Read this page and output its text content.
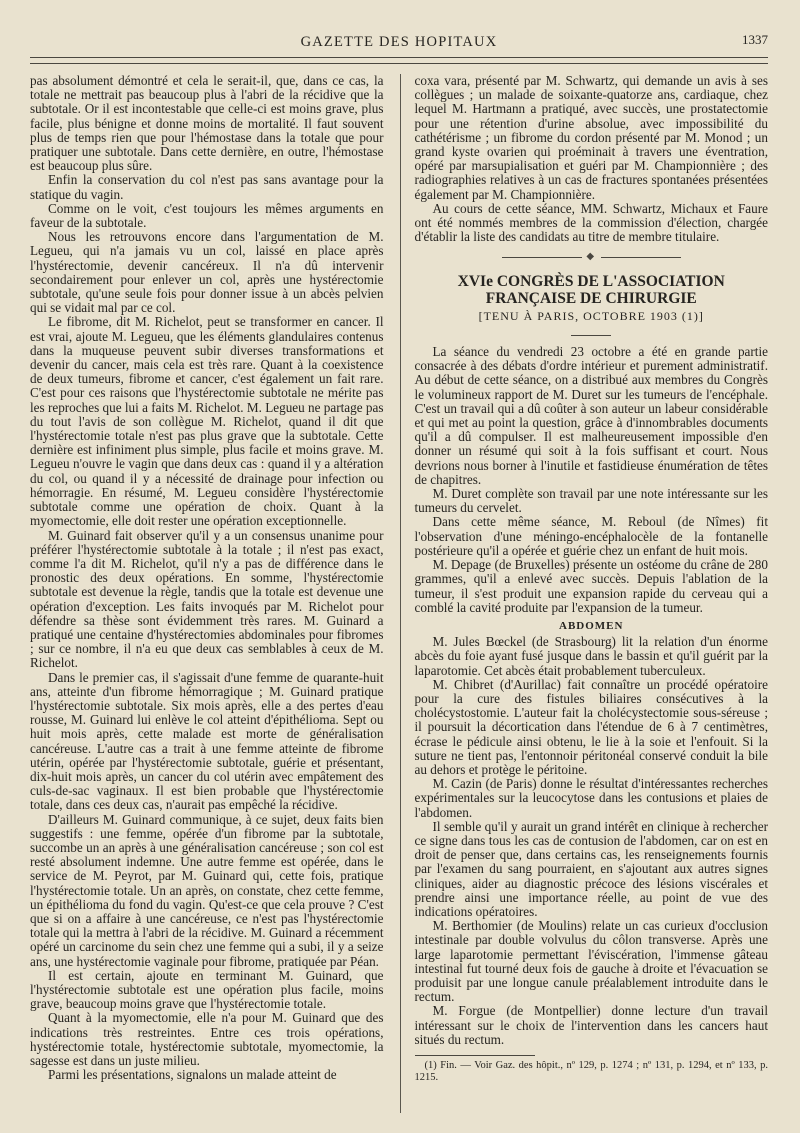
GAZETTE DES HOPITAUX	1337

pas absolument démontré et cela le serait-il, que, dans ce cas, la totale ne mettrait pas beaucoup plus à l'abri de la récidive que la subtotale. Or il est incontestable que celle-ci est moins grave, plus facile, plus bénigne et donne moins de mortalité. Il faut souvent plus de temps rien que pour l'hémostase dans la totale que pour pratiquer une subtotale. Dans cette dernière, en outre, l'hémostase est beaucoup plus sûre.

Enfin la conservation du col n'est pas sans avantage pour la statique du vagin.

Comme on le voit, c'est toujours les mêmes arguments en faveur de la subtotale.

Nous les retrouvons encore dans l'argumentation de M. Legueu, qui n'a jamais vu un col, laissé en place après l'hystérectomie, devenir cancéreux. Il n'a dû intervenir secondairement pour enlever un col, après une hystérectomie subtotale, qu'une seule fois pour donner issue à un abcès pelvien qui se vidait mal par ce col.

Le fibrome, dit M. Richelot, peut se transformer en cancer. Il est vrai, ajoute M. Legueu, que les éléments glandulaires contenus dans la muqueuse peuvent subir diverses transformations et devenir du cancer, mais cela est très rare. Quant à la coexistence de deux tumeurs, fibrome et cancer, c'est également un fait rare. C'est pour ces raisons que l'hystérectomie subtotale ne mérite pas les reproches que lui a faits M. Richelot. M. Legueu ne partage pas du tout l'avis de son collègue M. Richelot, quand il dit que l'hystérectomie totale n'est pas plus grave que la subtotale. Cette dernière est infiniment plus simple, plus facile et moins grave. M. Legueu n'ouvre le vagin que dans deux cas : quand il y a altération du col, ou quand il y a nécessité de drainage pour infection ou hémorragie. En résumé, M. Legueu considère l'hystérectomie subtotale comme une opération de choix. Quant à la myomectomie, elle doit rester une opération exceptionnelle.

M. Guinard fait observer qu'il y a un consensus unanime pour préférer l'hystérectomie subtotale à la totale ; il n'est pas exact, comme l'a dit M. Richelot, qu'il n'y a pas de différence dans le pronostic des deux opérations. En somme, l'hystérectomie subtotale est devenue la règle, tandis que la totale est devenue une opération d'exception. Les faits invoqués par M. Richelot pour défendre sa thèse sont évidemment très rares. M. Guinard a pratiqué une centaine d'hystérectomies abdominales pour fibromes ; sur ce nombre, il n'a eu que deux cas semblables à ceux de M. Richelot.

Dans le premier cas, il s'agissait d'une femme de quarante-huit ans, atteinte d'un fibrome hémorragique ; M. Guinard pratique l'hystérectomie subtotale. Six mois après, elle a des pertes d'eau rousse, M. Guinard lui enlève le col atteint d'épithélioma. Sept ou huit mois après, cette malade est morte de généralisation cancéreuse. L'autre cas a trait à une femme atteinte de fibrome utérin, opérée par l'hystérectomie subtotale, guérie et présentant, dix-huit mois après, un cancer du col utérin avec empâtement des culs-de-sac vaginaux. Il est bien probable que l'hystérectomie totale, dans ces deux cas, n'aurait pas empêché la récidive.

D'ailleurs M. Guinard communique, à ce sujet, deux faits bien suggestifs : une femme, opérée d'un fibrome par la subtotale, succombe un an après à une généralisation cancéreuse ; son col est resté absolument indemne. Une autre femme est opérée, dans le service de M. Peyrot, par M. Guinard qui, cette fois, pratique l'hystérectomie totale. Un an après, on constate, chez cette femme, un épithélioma du fond du vagin. Qu'est-ce que cela prouve ? C'est que si on a affaire à une cancéreuse, ce n'est pas l'hystérectomie totale qui la mettra à l'abri de la récidive. M. Guinard a récemment opéré un carcinome du sein chez une femme qui a subi, il y a seize ans, une hystérectomie vaginale pour fibrome, pratiquée par Péan.

Il est certain, ajoute en terminant M. Guinard, que l'hystérectomie subtotale est une opération plus facile, moins grave, beaucoup moins grave que l'hystérectomie totale.

Quant à la myomectomie, elle n'a pour M. Guinard que des indications très restreintes. Entre ces trois opérations, hystérectomie totale, hystérectomie subtotale, myomectomie, la sagesse est dans un juste milieu.

Parmi les présentations, signalons un malade atteint de

coxa vara, présenté par M. Schwartz, qui demande un avis à ses collègues ; un malade de soixante-quatorze ans, cardiaque, chez lequel M. Hartmann a pratiqué, avec succès, une prostatectomie pour une rétention d'urine absolue, avec impossibilité du cathétérisme ; un fibrome du cordon présenté par M. Monod ; un grand kyste ovarien qui proéminait à travers une éventration, opéré par marsupialisation et guéri par M. Championnière ; des radiographies relatives à un cas de fractures spontanées présentées également par M. Championnière.

Au cours de cette séance, MM. Schwartz, Michaux et Faure ont été nommés membres de la commission d'élection, chargée d'établir la liste des candidats au titre de membre titulaire.

◆
XVIe CONGRÈS DE L'ASSOCIATION FRANÇAISE DE CHIRURGIE
[TENU À PARIS, OCTOBRE 1903 (1)]

La séance du vendredi 23 octobre a été en grande partie consacrée à des débats d'ordre intérieur et purement administratif. Au début de cette séance, on a distribué aux membres du Congrès le volumineux rapport de M. Duret sur les tumeurs de l'encéphale. C'est un travail qui a dû coûter à son auteur un labeur considérable et qui met au point la question, grâce à d'innombrables documents qu'il a dû compulser. Il est malheureusement impossible d'en donner un résumé qui soit à la fois suffisant et court. Nous devrions nous borner à l'inutile et fastidieuse énumération de têtes de chapitres.

M. Duret complète son travail par une note intéressante sur les tumeurs du cervelet.

Dans cette même séance, M. Reboul (de Nîmes) fit l'observation d'une méningo-encéphalocèle de la fontanelle postérieure qu'il a opérée et guérie chez un enfant de huit mois.

M. Depage (de Bruxelles) présente un ostéome du crâne de 280 grammes, qu'il a enlevé avec succès. Depuis l'ablation de la tumeur, il s'est produit une expansion rapide du cerveau qui a comblé la cavité produite par l'expansion de la tumeur.

ABDOMEN

M. Jules Bœckel (de Strasbourg) lit la relation d'un énorme abcès du foie ayant fusé jusque dans le bassin et qu'il guérit par la laparotomie. Cet abcès était probablement tuberculeux.

M. Chibret (d'Aurillac) fait connaître un procédé opératoire pour la cure des fistules biliaires consécutives à la cholécystostomie. L'auteur fait la cholécystectomie sous-séreuse ; il poursuit la décortication dans l'étendue de 6 à 7 centimètres, écrase le pédicule ainsi obtenu, le lie à la soie et l'enfouit. Si la suture ne tient pas, l'entonnoir péritonéal conservé conduit la bile au dehors et protège le péritoine.

M. Cazin (de Paris) donne le résultat d'intéressantes recherches expérimentales sur la leucocytose dans les contusions et plaies de l'abdomen.

Il semble qu'il y aurait un grand intérêt en clinique à rechercher ce signe dans tous les cas de contusion de l'abdomen, car on est en droit de penser que, dans certains cas, les renseignements fournis par l'examen du sang pourraient, en s'ajoutant aux autres signes cliniques, aider au diagnostic précoce des lésions viscérales et prendre ainsi une importance réelle, au point de vue des indications opératoires.

M. Berthomier (de Moulins) relate un cas curieux d'occlusion intestinale par double volvulus du côlon transverse. Après une large laparotomie permettant l'éviscération, l'immense gâteau intestinal fut tourné deux fois de gauche à droite et l'évacuation se produisit par une longue canule préalablement introduite dans le rectum.

M. Forgue (de Montpellier) donne lecture d'un travail intéressant sur le choix de l'intervention dans les cancers haut situés du rectum.

(1) Fin. — Voir Gaz. des hôpit., nº 129, p. 1274 ; nº 131, p. 1294, et nº 133, p. 1215.
